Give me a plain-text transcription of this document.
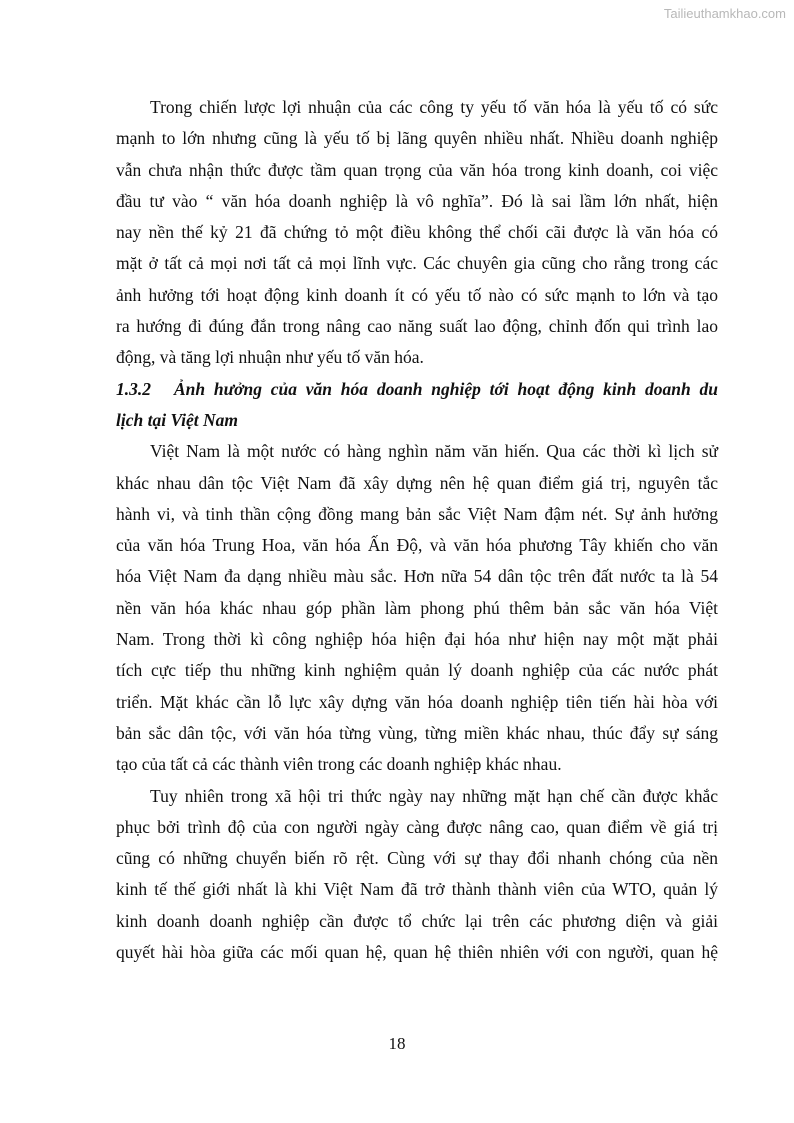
Tailieuthamkhao.com
Trong chiến lược lợi nhuận của các công ty yếu tố văn hóa là yếu tố có sức
mạnh to lớn nhưng cũng là yếu tố bị lãng quyên nhiều nhất. Nhiều doanh nghiệp
vẫn chưa nhận thức được tầm quan trọng của văn hóa trong kinh doanh, coi việc
đầu tư vào “ văn hóa doanh nghiệp là vô nghĩa”. Đó là sai lầm lớn nhất, hiện
nay nền thế kỷ 21 đã chứng tỏ một điều không thể chối cãi được là văn hóa có
mặt ở tất cả mọi nơi tất cả mọi lĩnh vực. Các chuyên gia cũng cho rằng trong các
ảnh hưởng tới hoạt động kinh doanh ít có yếu tố nào có sức mạnh to lớn và tạo
ra hướng đi đúng đắn trong nâng cao năng suất lao động, chỉnh đốn qui trình lao
động, và tăng lợi nhuận như yếu tố văn hóa.
1.3.2 Ảnh hưởng của văn hóa doanh nghiệp tới hoạt động kinh doanh du
lịch tại Việt Nam
Việt Nam là một nước có hàng nghìn năm văn hiến. Qua các thời kì lịch sử
khác nhau dân tộc Việt Nam đã xây dựng nên hệ quan điểm giá trị, nguyên tắc
hành vi, và tinh thần cộng đồng mang bản sắc Việt Nam đậm nét. Sự ảnh hưởng
của văn hóa Trung Hoa, văn hóa Ấn Độ, và văn hóa phương Tây khiến cho văn
hóa Việt Nam đa dạng nhiều màu sắc. Hơn nữa 54 dân tộc trên đất nước ta là 54
nền văn hóa khác nhau góp phần làm phong phú thêm bản sắc văn hóa Việt
Nam. Trong thời kì công nghiệp hóa hiện đại hóa như hiện nay một mặt phải
tích cực tiếp thu những kinh nghiệm quản lý doanh nghiệp của các nước phát
triển. Mặt khác cần lỗ lực xây dựng văn hóa doanh nghiệp tiên tiến hài hòa với
bản sắc dân tộc, với văn hóa từng vùng, từng miền khác nhau, thúc đẩy sự sáng
tạo của tất cả các thành viên trong các doanh nghiệp khác nhau.
Tuy nhiên trong xã hội tri thức ngày nay những mặt hạn chế cần được khắc
phục bởi trình độ của con người ngày càng được nâng cao, quan điểm về giá trị
cũng có những chuyển biến rõ rệt. Cùng với sự thay đổi nhanh chóng của nền
kinh tế thế giới nhất là khi Việt Nam đã trở thành thành viên của WTO, quản lý
kinh doanh doanh nghiệp cần được tổ chức lại trên các phương diện và giải
quyết hài hòa giữa các mối quan hệ, quan hệ thiên nhiên với con người, quan hệ
18
